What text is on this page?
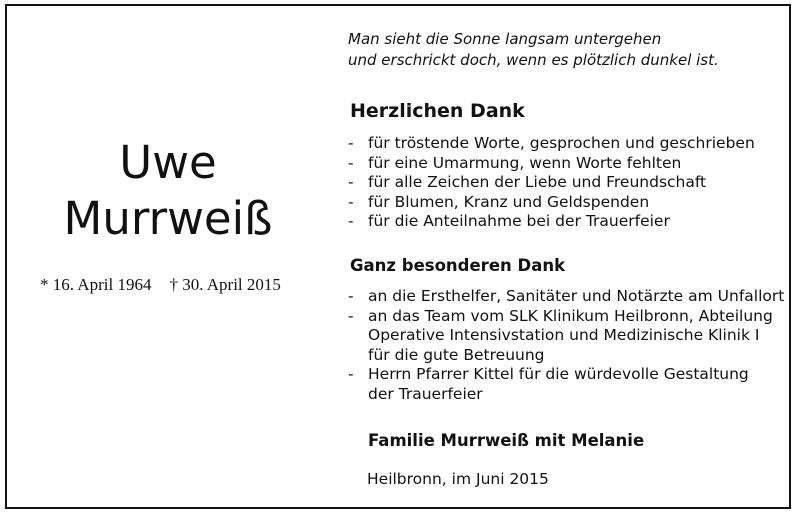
Uwe
Murrweiß
* 16. April 1964 † 30. April 2015
Man sieht die Sonne langsam untergehen
und erschrickt doch, wenn es plötzlich dunkel ist.
Herzlichen Dank
- für tröstende Worte, gesprochen und geschrieben
- für eine Umarmung, wenn Worte fehlten
- für alle Zeichen der Liebe und Freundschaft
- für Blumen, Kranz und Geldspenden
- für die Anteilnahme bei der Trauerfeier
Ganz besonderen Dank
- an die Ersthelfer, Sanitäter und Notärzte am Unfallort
- an das Team vom SLK Klinikum Heilbronn, Abteilung
Operative Intensivstation und Medizinische Klinik I
für die gute Betreuung
- Herrn Pfarrer Kittel für die würdevolle Gestaltung
der Trauerfeier
Familie Murrweiß mit Melanie
Heilbronn, im Juni 2015
